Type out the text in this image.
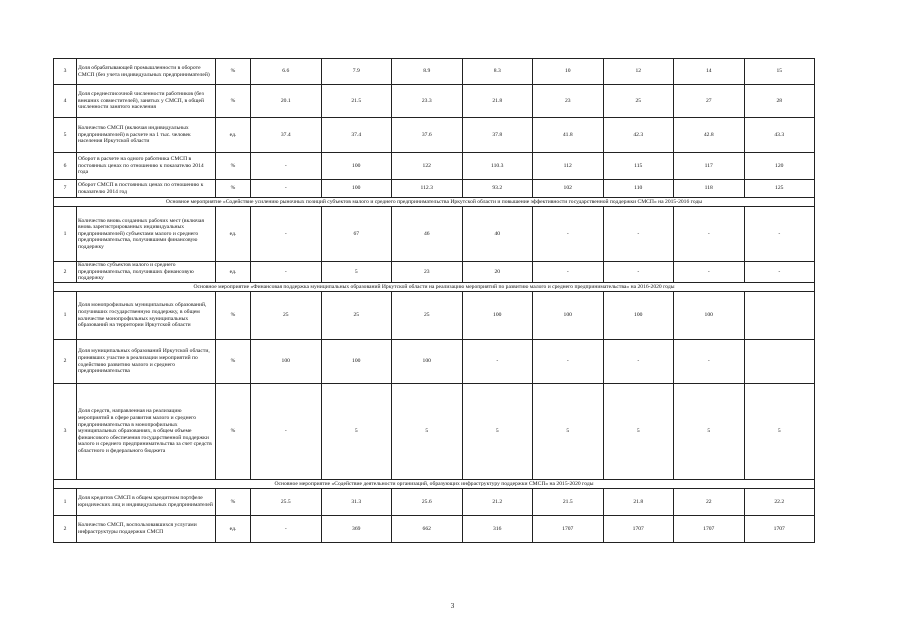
3	Доля обрабатывающей промышленности в обороте СМСП (без учета индивидуальных предпринимателей)	%	6.6	7.9	8.9	8.3	10	12	14	15
4	Доля среднесписочной численности работников (без внешних совместителей), занятых у СМСП, в общей численности занятого населения	%	20.1	21.5	23.3	21.8	23	25	27	28
5	Количество СМСП (включая индивидуальных предпринимателей) в расчете на 1 тыс. человек населения Иркутской области	ед.	37.4	37.4	37.6	37.8	41.8	42.3	42.8	43.3
6	Оборот в расчете на одного работника СМСП в постоянных ценах по отношению к показателю 2014 года	%	-	100	122	110.3	112	115	117	120
7	Оборот СМСП в постоянных ценах по отношению к показателю 2014 год	%	-	100	112.3	93.2	102	110	118	125
Основное мероприятие «Содействие усилению рыночных позиций субъектов малого и среднего предпринимательства Иркутской области и повышение эффективности государственной поддержки СМСП» на 2015-2016 годы										
1	Количество вновь созданных рабочих мест (включая вновь зарегистрированных индивидуальных предпринимателей) субъектами малого и среднего предпринимательства, получившими финансовую поддержку	ед.	-	67	46	40	-	-	-	-
2	Количество субъектов малого и среднего предпринимательства, получивших финансовую поддержку	ед.	-	5	23	20	-	-	-	-
Основное мероприятие «Финансовая поддержка муниципальных образований Иркутской области на реализацию мероприятий по развитию малого и среднего предпринимательства» на 2016-2020 годы										
1	Доля монопрофильных муниципальных образований, получивших государственную поддержку, в общем количестве монопрофильных муниципальных образований на территории Иркутской области	%	25	25	25	100	100	100	100	
2	Доля муниципальных образований Иркутской области, принявших участие в реализации мероприятий по содействию развитию малого и среднего предпринимательства	%	100	100	100	-	-	-	-	
3	Доля средств, направленная на реализацию мероприятий в сфере развития малого и среднего предпринимательства в монопрофильных муниципальных образованиях, в общем объеме финансового обеспечения государственной поддержки малого и среднего предпринимательства за счет средств областного и федерального бюджета	%	-	5	5	5	5	5	5	5
Основное мероприятие «Содействие деятельности организаций, образующих инфраструктуру поддержки СМСП» на 2015-2020 годы										
1	Доля кредитов СМСП в общем кредитном портфеле юридических лиц и индивидуальных предпринимателей	%	25.5	31.3	25.6	21.2	21.5	21.8	22	22.2
2	Количество СМСП, воспользовавшихся услугами инфраструктуры поддержки СМСП	ед.	-	369	662	316	1707	1707	1707	1707
3
